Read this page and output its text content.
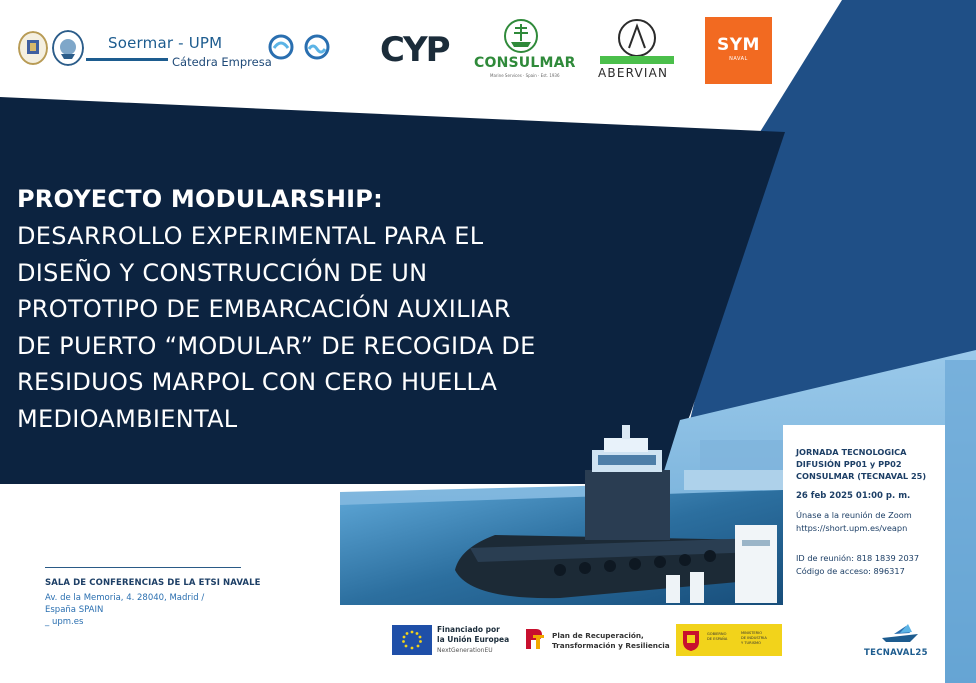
Soermar - UPM
Cátedra Empresa	CYP CONSULMAR
Marine Services · Spain · Est. 1936	ABERVIAN
SYM
NAVAL
PROYECTO MODULARSHIP:
DESARROLLO EXPERIMENTAL PARA EL
DISEÑO Y CONSTRUCCIÓN DE UN
PROTOTIPO DE EMBARCACIÓN AUXILIAR
DE PUERTO “MODULAR” DE RECOGIDA DE
RESIDUOS MARPOL CON CERO HUELLA
MEDIOAMBIENTAL
SALA DE CONFERENCIAS DE LA ETSI NAVALE
Av. de la Memoria, 4. 28040, Madrid /
España SPAIN
_ upm.es
JORNADA TECNOLOGICA
DIFUSIÓN PP01 y PP02
CONSULMAR (TECNAVAL 25)
26 feb 2025 01:00 p. m.
Únase a la reunión de Zoom
https://short.upm.es/veapn
ID de reunión: 818 1839 2037
Código de acceso: 896317
Financiado por
la Unión Europea
NextGenerationEU
Plan de Recuperación,
Transformación y Resiliencia
GOBIERNO
DE ESPAÑA
MINISTERIO
DE INDUSTRIA
Y TURISMO
TECNAVAL25
